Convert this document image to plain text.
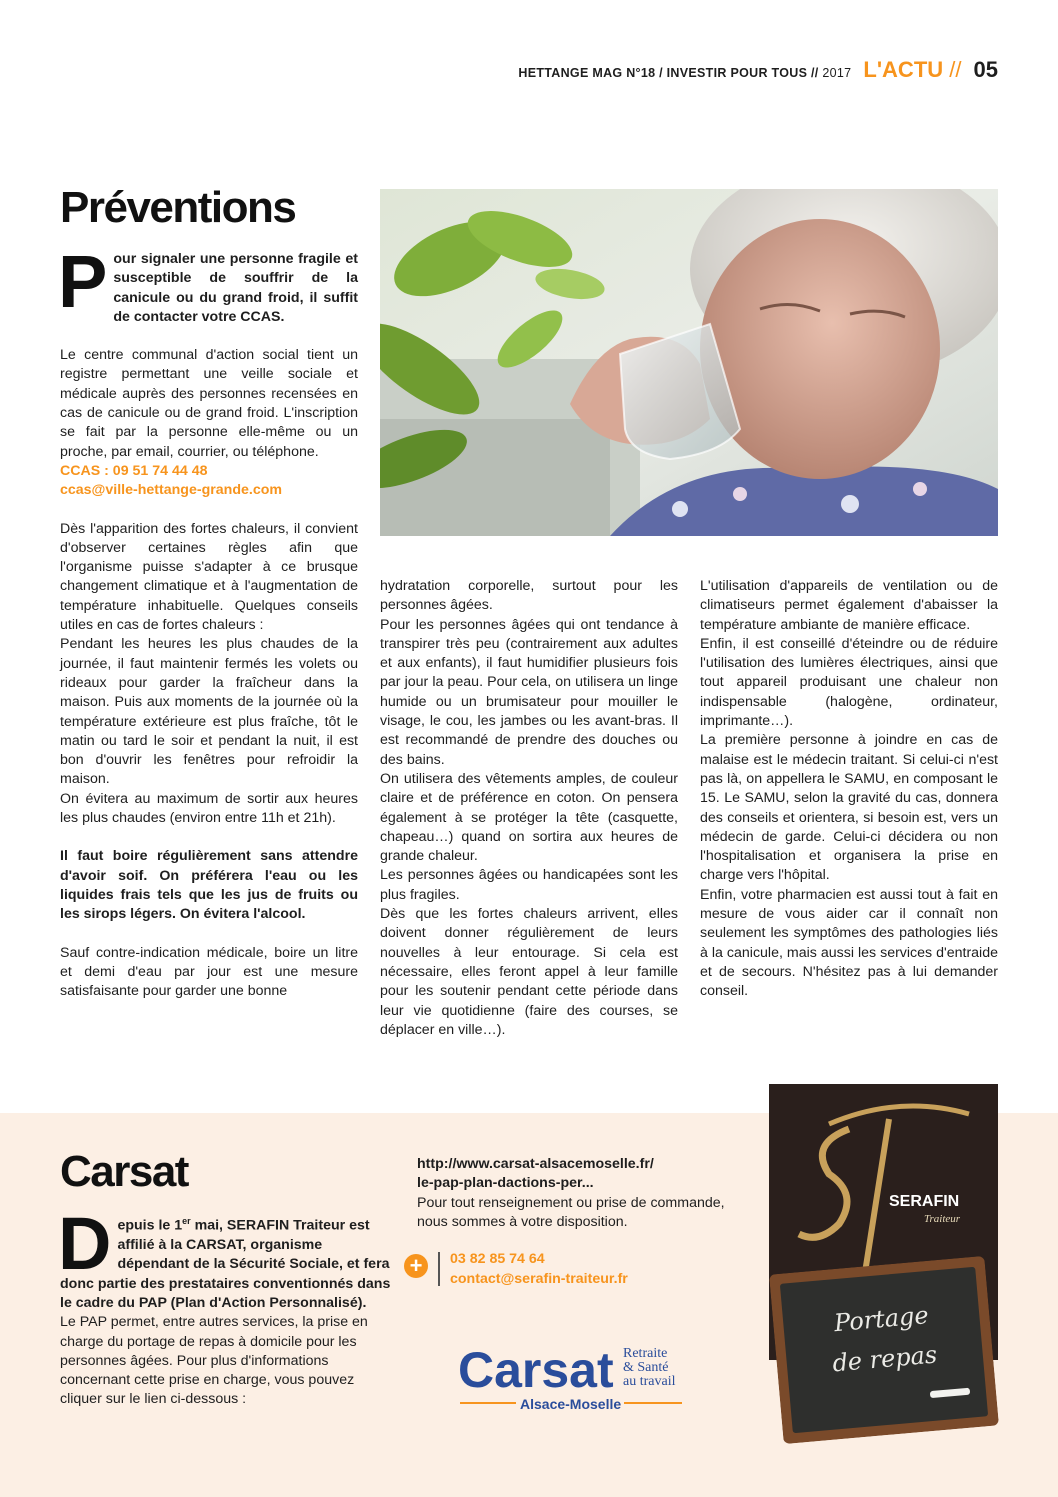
HETTANGE MAG N°18 / INVESTIR POUR TOUS // 2017 L'ACTU // 05
Préventions

Pour signaler une personne fragile et susceptible de souffrir de la canicule ou du grand froid, il suffit de contacter votre CCAS.

Le centre communal d'action social tient un registre permettant une veille sociale et médicale auprès des personnes recensées en cas de canicule ou de grand froid. L'inscription se fait par la personne elle-même ou un proche, par email, courrier, ou téléphone.

CCAS : 09 51 74 44 48

ccas@ville-hettange-grande.com

Dès l'apparition des fortes chaleurs, il convient d'observer certaines règles afin que l'organisme puisse s'adapter à ce brusque changement climatique et à l'augmentation de température inhabituelle. Quelques conseils utiles en cas de fortes chaleurs :

Pendant les heures les plus chaudes de la journée, il faut maintenir fermés les volets ou rideaux pour garder la fraîcheur dans la maison. Puis aux moments de la journée où la température extérieure est plus fraîche, tôt le matin ou tard le soir et pendant la nuit, il est bon d'ouvrir les fenêtres pour refroidir la maison.

On évitera au maximum de sortir aux heures les plus chaudes (environ entre 11h et 21h).

Il faut boire régulièrement sans attendre d'avoir soif. On préférera l'eau ou les liquides frais tels que les jus de fruits ou les sirops légers. On évitera l'alcool.

Sauf contre-indication médicale, boire un litre et demi d'eau par jour est une mesure satisfaisante pour garder une bonne

hydratation corporelle, surtout pour les personnes âgées.

Pour les personnes âgées qui ont tendance à transpirer très peu (contrairement aux adultes et aux enfants), il faut humidifier plusieurs fois par jour la peau. Pour cela, on utilisera un linge humide ou un brumisateur pour mouiller le visage, le cou, les jambes ou les avant-bras. Il est recommandé de prendre des douches ou des bains.

On utilisera des vêtements amples, de couleur claire et de préférence en coton. On pensera également à se protéger la tête (casquette, chapeau…) quand on sortira aux heures de grande chaleur.

Les personnes âgées ou handicapées sont les plus fragiles.

Dès que les fortes chaleurs arrivent, elles doivent donner régulièrement de leurs nouvelles à leur entourage. Si cela est nécessaire, elles feront appel à leur famille pour les soutenir pendant cette période dans leur vie quotidienne (faire des courses, se déplacer en ville…).

L'utilisation d'appareils de ventilation ou de climatiseurs permet également d'abaisser la température ambiante de manière efficace.

Enfin, il est conseillé d'éteindre ou de réduire l'utilisation des lumières électriques, ainsi que tout appareil produisant une chaleur non indispensable (halogène, ordinateur, imprimante…).

La première personne à joindre en cas de malaise est le médecin traitant. Si celui-ci n'est pas là, on appellera le SAMU, en composant le 15. Le SAMU, selon la gravité du cas, donnera des conseils et orientera, si besoin est, vers un médecin de garde. Celui-ci décidera ou non l'hospitalisation et organisera la prise en charge vers l'hôpital.

Enfin, votre pharmacien est aussi tout à fait en mesure de vous aider car il connaît non seulement les symptômes des pathologies liés à la canicule, mais aussi les services d'entraide et de secours. N'hésitez pas à lui demander conseil.

Carsat

Depuis le 1er mai, SERAFIN Traiteur est affilié à la CARSAT, organisme dépendant de la Sécurité Sociale, et fera donc partie des prestataires conventionnés dans le cadre du PAP (Plan d'Action Personnalisé).

Le PAP permet, entre autres services, la prise en charge du portage de repas à domicile pour les personnes âgées. Pour plus d'informations concernant cette prise en charge, vous pouvez cliquer sur le lien ci-dessous :

http://www.carsat-alsacemoselle.fr/

le-pap-plan-dactions-per...

Pour tout renseignement ou prise de commande, nous sommes à votre disposition.

+	03 82 85 74 64
contact@serafin-traiteur.fr
Carsat Retraite
& Santé
au travail
Alsace-Moselle
SERAFIN
Traiteur
Portage
de repas
